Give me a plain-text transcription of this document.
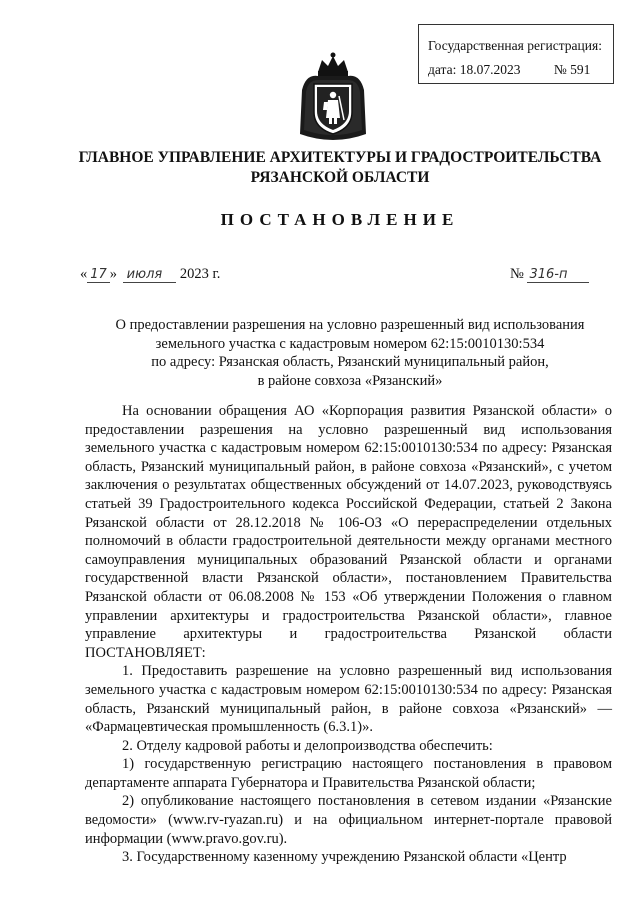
Государственная регистрация:
дата: 18.07.2023 № 591
ГЛАВНОЕ УПРАВЛЕНИЕ АРХИТЕКТУРЫ И ГРАДОСТРОИТЕЛЬСТВА
РЯЗАНСКОЙ ОБЛАСТИ
ПОСТАНОВЛЕНИЕ
« 17 » июля 2023 г.	№ 316-п
О предоставлении разрешения на условно разрешенный вид использования
земельного участка с кадастровым номером 62:15:0010130:534
по адресу: Рязанская область, Рязанский муниципальный район,
в районе совхоза «Рязанский»

На основании обращения АО «Корпорация развития Рязанской области» о предоставлении разрешения на условно разрешенный вид использования земельного участка с кадастровым номером 62:15:0010130:534 по адресу: Рязанская область, Рязанский муниципальный район, в районе совхоза «Рязанский», с учетом заключения о результатах общественных обсуждений от 14.07.2023, руководствуясь статьей 39 Градостроительного кодекса Российской Федерации, статьей 2 Закона Рязанской области от 28.12.2018 № 106-ОЗ «О перераспределении отдельных полномочий в области градостроительной деятельности между органами местного самоуправления муниципальных образований Рязанской области и органами государственной власти Рязанской области», постановлением Правительства Рязанской области от 06.08.2008 № 153 «Об утверждении Положения о главном управлении архитектуры и градостроительства Рязанской области», главное управление архитектуры и градостроительства Рязанской области ПОСТАНОВЛЯЕТ:

1. Предоставить разрешение на условно разрешенный вид использования земельного участка с кадастровым номером 62:15:0010130:534 по адресу: Рязанская область, Рязанский муниципальный район, в районе совхоза «Рязанский» — «Фармацевтическая промышленность (6.3.1)».

2. Отделу кадровой работы и делопроизводства обеспечить:

1) государственную регистрацию настоящего постановления в правовом департаменте аппарата Губернатора и Правительства Рязанской области;

2) опубликование настоящего постановления в сетевом издании «Рязанские ведомости» (www.rv-ryazan.ru) и на официальном интернет-портале правовой информации (www.pravo.gov.ru).

3. Государственному казенному учреждению Рязанской области «Центр
